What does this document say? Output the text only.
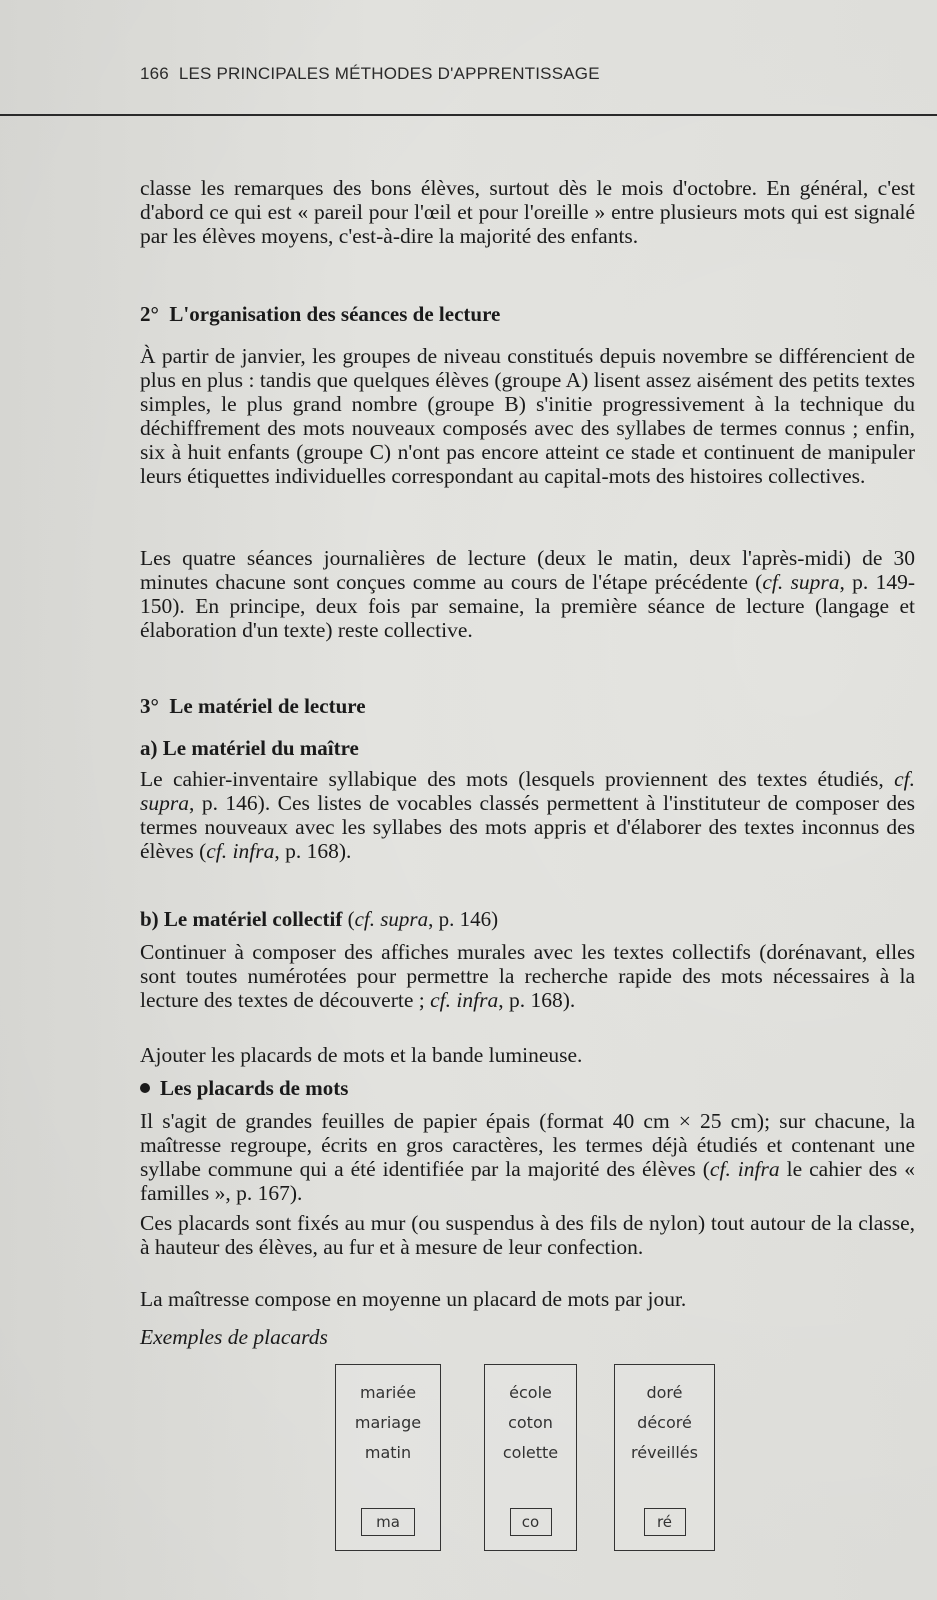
166 LES PRINCIPALES MÉTHODES D'APPRENTISSAGE

classe les remarques des bons élèves, surtout dès le mois d'octobre. En général, c'est d'abord ce qui est « pareil pour l'œil et pour l'oreille » entre plusieurs mots qui est signalé par les élèves moyens, c'est-à-dire la majorité des enfants.

2° L'organisation des séances de lecture

À partir de janvier, les groupes de niveau constitués depuis novembre se différencient de plus en plus : tandis que quelques élèves (groupe A) lisent assez aisément des petits textes simples, le plus grand nombre (groupe B) s'initie progressivement à la technique du déchiffrement des mots nouveaux composés avec des syllabes de termes connus ; enfin, six à huit enfants (groupe C) n'ont pas encore atteint ce stade et continuent de manipuler leurs étiquettes individuelles correspondant au capital-mots des histoires collectives.

Les quatre séances journalières de lecture (deux le matin, deux l'après-midi) de 30 minutes chacune sont conçues comme au cours de l'étape précédente (cf. supra, p. 149-150). En principe, deux fois par semaine, la première séance de lecture (langage et élaboration d'un texte) reste collective.

3° Le matériel de lecture

a) Le matériel du maître

Le cahier-inventaire syllabique des mots (lesquels proviennent des textes étudiés, cf. supra, p. 146). Ces listes de vocables classés permettent à l'instituteur de composer des termes nouveaux avec les syllabes des mots appris et d'élaborer des textes inconnus des élèves (cf. infra, p. 168).

b) Le matériel collectif (cf. supra, p. 146)

Continuer à composer des affiches murales avec les textes collectifs (dorénavant, elles sont toutes numérotées pour permettre la recherche rapide des mots nécessaires à la lecture des textes de découverte ; cf. infra, p. 168).

Ajouter les placards de mots et la bande lumineuse.

Les placards de mots

Il s'agit de grandes feuilles de papier épais (format 40 cm × 25 cm); sur chacune, la maîtresse regroupe, écrits en gros caractères, les termes déjà étudiés et contenant une syllabe commune qui a été identifiée par la majorité des élèves (cf. infra le cahier des « familles », p. 167).

Ces placards sont fixés au mur (ou suspendus à des fils de nylon) tout autour de la classe, à hauteur des élèves, au fur et à mesure de leur confection.

La maîtresse compose en moyenne un placard de mots par jour.

Exemples de placards
mariée
mariage
matin
ma
école
coton
colette
co
doré
décoré
réveillés
ré
